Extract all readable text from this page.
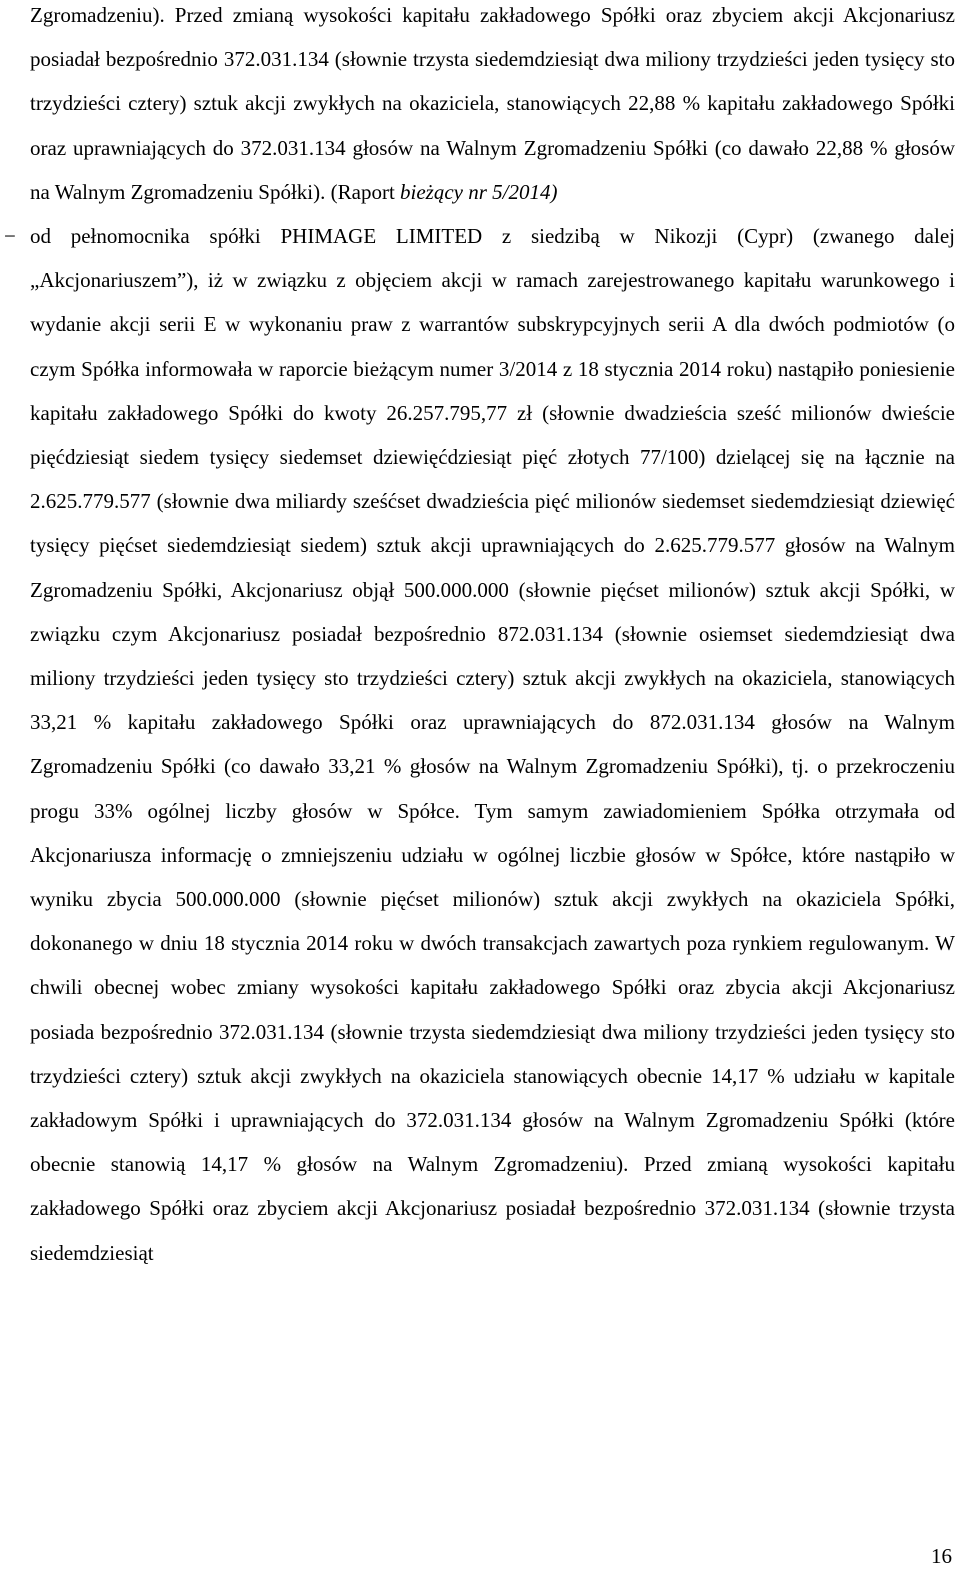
Zgromadzeniu). Przed zmianą wysokości kapitału zakładowego Spółki oraz zbyciem akcji Akcjonariusz posiadał bezpośrednio 372.031.134 (słownie trzysta siedemdziesiąt dwa miliony trzydzieści jeden tysięcy sto trzydzieści cztery) sztuk akcji zwykłych na okaziciela, stanowiących 22,88 % kapitału zakładowego Spółki oraz uprawniających do 372.031.134 głosów na Walnym Zgromadzeniu Spółki (co dawało 22,88 % głosów na Walnym Zgromadzeniu Spółki). (Raport bieżący nr 5/2014)

− od pełnomocnika spółki PHIMAGE LIMITED z siedzibą w Nikozji (Cypr) (zwanego dalej „Akcjonariuszem”), iż w związku z objęciem akcji w ramach zarejestrowanego kapitału warunkowego i wydanie akcji serii E w wykonaniu praw z warrantów subskrypcyjnych serii A dla dwóch podmiotów (o czym Spółka informowała w raporcie bieżącym numer 3/2014 z 18 stycznia 2014 roku) nastąpiło poniesienie kapitału zakładowego Spółki do kwoty 26.257.795,77 zł (słownie dwadzieścia sześć milionów dwieście pięćdziesiąt siedem tysięcy siedemset dziewięćdziesiąt pięć złotych 77/100) dzielącej się na łącznie na 2.625.779.577 (słownie dwa miliardy sześćset dwadzieścia pięć milionów siedemset siedemdziesiąt dziewięć tysięcy pięćset siedemdziesiąt siedem) sztuk akcji uprawniających do 2.625.779.577 głosów na Walnym Zgromadzeniu Spółki, Akcjonariusz objął 500.000.000 (słownie pięćset milionów) sztuk akcji Spółki, w związku czym Akcjonariusz posiadał bezpośrednio 872.031.134 (słownie osiemset siedemdziesiąt dwa miliony trzydzieści jeden tysięcy sto trzydzieści cztery) sztuk akcji zwykłych na okaziciela, stanowiących 33,21 % kapitału zakładowego Spółki oraz uprawniających do 872.031.134 głosów na Walnym Zgromadzeniu Spółki (co dawało 33,21 % głosów na Walnym Zgromadzeniu Spółki), tj. o przekroczeniu progu 33% ogólnej liczby głosów w Spółce. Tym samym zawiadomieniem Spółka otrzymała od Akcjonariusza informację o zmniejszeniu udziału w ogólnej liczbie głosów w Spółce, które nastąpiło w wyniku zbycia 500.000.000 (słownie pięćset milionów) sztuk akcji zwykłych na okaziciela Spółki, dokonanego w dniu 18 stycznia 2014 roku w dwóch transakcjach zawartych poza rynkiem regulowanym. W chwili obecnej wobec zmiany wysokości kapitału zakładowego Spółki oraz zbycia akcji Akcjonariusz posiada bezpośrednio 372.031.134 (słownie trzysta siedemdziesiąt dwa miliony trzydzieści jeden tysięcy sto trzydzieści cztery) sztuk akcji zwykłych na okaziciela stanowiących obecnie 14,17 % udziału w kapitale zakładowym Spółki i uprawniających do 372.031.134 głosów na Walnym Zgromadzeniu Spółki (które obecnie stanowią 14,17 % głosów na Walnym Zgromadzeniu). Przed zmianą wysokości kapitału zakładowego Spółki oraz zbyciem akcji Akcjonariusz posiadał bezpośrednio 372.031.134 (słownie trzysta siedemdziesiąt

16
